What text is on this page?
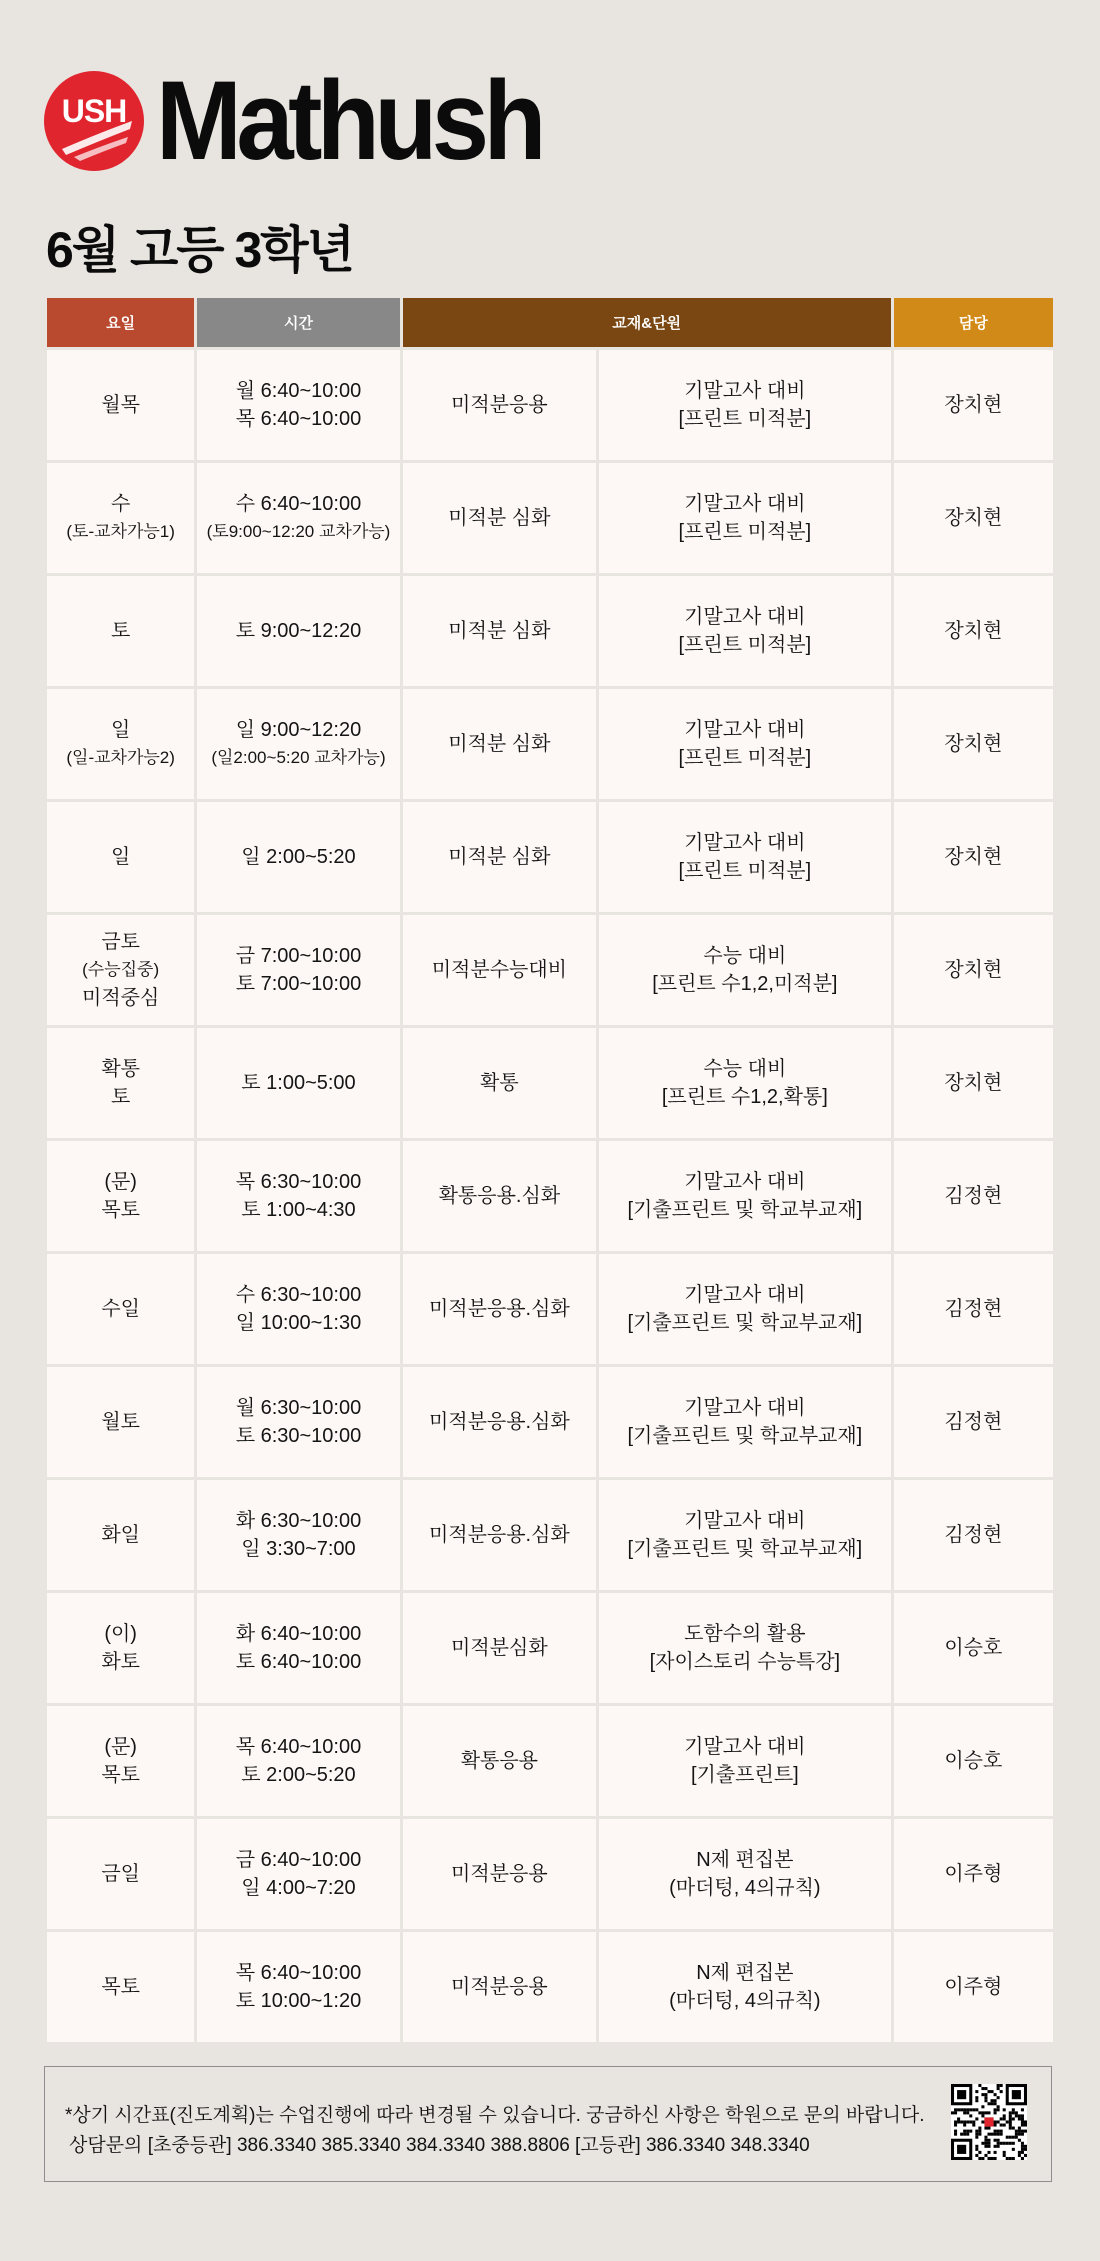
USH Mathush
6월 고등 3학년
요일	시간	교재&단원		담당

월목	월 6:40~10:00
목 6:40~10:00	미적분응용	기말고사 대비
[프린트 미적분]	장치현

수
(토-교차가능1)	수 6:40~10:00
(토9:00~12:20 교차가능)	미적분 심화	기말고사 대비
[프린트 미적분]	장치현

토	토 9:00~12:20	미적분 심화	기말고사 대비
[프린트 미적분]	장치현

일
(일-교차가능2)	일 9:00~12:20
(일2:00~5:20 교차가능)	미적분 심화	기말고사 대비
[프린트 미적분]	장치현

일	일 2:00~5:20	미적분 심화	기말고사 대비
[프린트 미적분]	장치현

금토
(수능집중)
미적중심	금 7:00~10:00
토 7:00~10:00	미적분수능대비	수능 대비
[프린트 수1,2,미적분]	장치현

확통
토	토 1:00~5:00	확통	수능 대비
[프린트 수1,2,확통]	장치현

(문)
목토	목 6:30~10:00
토 1:00~4:30	확통응용.심화	기말고사 대비
[기출프린트 및 학교부교재]	김정현

수일	수 6:30~10:00
일 10:00~1:30	미적분응용.심화	기말고사 대비
[기출프린트 및 학교부교재]	김정현

월토	월 6:30~10:00
토 6:30~10:00	미적분응용.심화	기말고사 대비
[기출프린트 및 학교부교재]	김정현

화일	화 6:30~10:00
일 3:30~7:00	미적분응용.심화	기말고사 대비
[기출프린트 및 학교부교재]	김정현

(이)
화토	화 6:40~10:00
토 6:40~10:00	미적분심화	도함수의 활용
[자이스토리 수능특강]	이승호

(문)
목토	목 6:40~10:00
토 2:00~5:20	확통응용	기말고사 대비
[기출프린트]	이승호

금일	금 6:40~10:00
일 4:00~7:20	미적분응용	N제 편집본
(마더텅, 4의규칙)	이주형

목토	목 6:40~10:00
토 10:00~1:20	미적분응용	N제 편집본
(마더텅, 4의규칙)	이주형
*상기 시간표(진도계획)는 수업진행에 따라 변경될 수 있습니다. 궁금하신 사항은 학원으로 문의 바랍니다.
상담문의 [초중등관] 386.3340 385.3340 384.3340 388.8806 [고등관] 386.3340 348.3340
